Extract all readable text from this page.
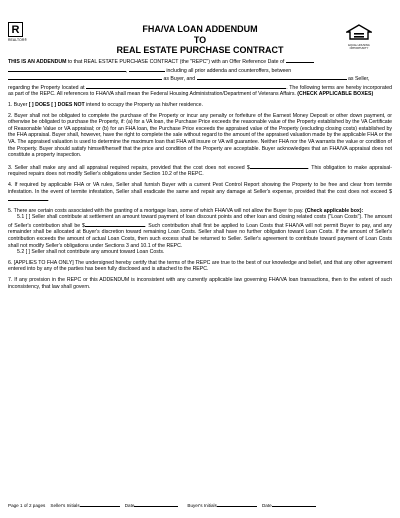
R
REALTOR®
EQUAL HOUSING OPPORTUNITY
FHA/VA LOAN ADDENDUM
TO
REAL ESTATE PURCHASE CONTRACT

THIS IS AN ADDENDUM to that REAL ESTATE PURCHASE CONTRACT (the "REPC") with an Offer Reference Date of
,	including all prior addenda and counteroffers, between
as Buyer, and	as Seller,
regarding the Property located at	. The following terms are hereby incorporated as part of the REPC. All references to FHA/VA shall mean the Federal Housing Administration/Department of Veterans Affairs. (CHECK APPLICABLE BOXES)

1. Buyer [ ] DOES [ ] DOES NOT intend to occupy the Property as his/her residence.

2. Buyer shall not be obligated to complete the purchase of the Property or incur any penalty or forfeiture of the Earnest Money Deposit or other down payment, or otherwise be obligated to purchase the Property, if: (a) for a VA loan, the Purchase Price exceeds the reasonable value of the Property established by the VA Certificate of Reasonable Value or VA appraisal; or (b) for an FHA loan, the Purchase Price exceeds the appraised value of the Property (excluding closing costs) established by the FHA appraisal. Buyer shall, however, have the right to complete the sale without regard to the amount of the appraised valuation made by the applicable FHA or the VA. The appraised valuation is used to determine the maximum loan that FHA will insure or VA will guarantee. Neither FHA nor the VA warrants the value or condition of the Property. Buyer should satisfy himself/herself that the price and condition of the Property are acceptable. Buyer acknowledges that an FHA/VA appraisal does not constitute a property inspection.

3. Seller shall make any and all appraisal required repairs, provided that the cost does not exceed $	. This obligation to make appraisal-required repairs does not modify Seller's obligations under Section 10.2 of the REPC.

4. If required by applicable FHA or VA rules, Seller shall furnish Buyer with a current Pest Control Report showing the Property to be free and clear from termite infestation. In the event of termite infestation, Seller shall eradicate the same and repair any damage at Seller's expense, provided that the cost does not exceed $.

5. There are certain costs associated with the granting of a mortgage loan, some of which FHA/VA will not allow the Buyer to pay. (Check applicable box):
5.1 [ ] Seller shall contribute at settlement an amount toward payment of loan discount points and other loan and closing related costs ("Loan Costs"). The amount of Seller's contribution shall be $	. Such contribution shall first be applied to Loan Costs that FHA/VA will not permit Buyer to pay, and any remainder shall be allocated at Buyer's discretion toward remaining Loan Costs. Seller shall have no further obligation toward Loan Costs. If the amount of Seller's contribution exceeds the amount of actual Loan Costs, then such excess shall be returned to Seller. Seller's agreement to contribute toward payment of Loan Costs shall not modify Seller's obligations under Sections 3 and 10.1 of the REPC.
5.2 [ ] Seller shall not contribute any amount toward Loan Costs.

6. [APPLIES TO FHA ONLY] The undersigned hereby certify that the terms of the REPC are true to the best of our knowledge and belief, and that any other agreement entered into by any of the parties has been fully disclosed and is attached to the REPC.

7. If any provision in the REPC or this ADDENDUM is inconsistent with any currently applicable law governing FHA/VA loan transactions, then to the extent of such inconsistency, that law shall govern.

Page 1 of 2 pages Seller's Initials	Date	Buyer's Initials	Date
